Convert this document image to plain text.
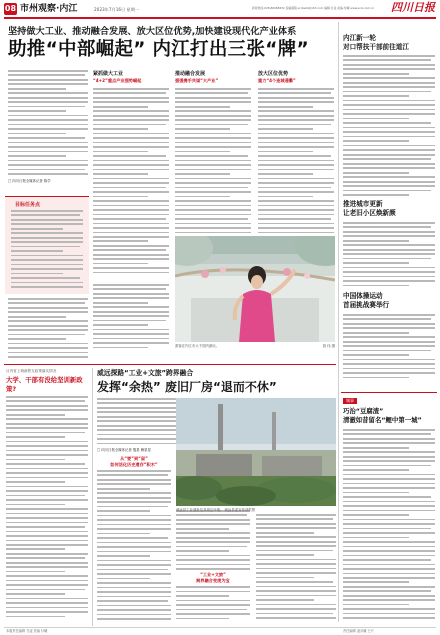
08 市州观察·内江	2023年7月16日 星期一	新闻热线:028-86968432 投稿邮箱:scrbszb@163.com 编辑:甘凌 美编:付曦 www.scol.com.cn	四川日报
坚持做大工业、推动融合发展、放大区位优势,加快建设现代化产业体系
助推“中部崛起” 内江打出三张“牌”
□ 四川日报全媒体记者 陈学
目标任务点
紧抓做大工业
“4+2”重点产业强势崛起
推动融合发展
强强携手共谋“大产业”
放大区位优势
重力“4个连城通衢”
游客在内江市大千园内游玩。	游 伟 摄
内江新一轮
对口帮扶干部前往道江
推进城市更新
让老旧小区焕新颜
中国体操运动
首届挑战赛举行
城事
巧治“豆腐渣”
清澈如昔留名“鲤中第一城”
目内省上调新教支政策落实情况
大学、干部有没给坚训新政策?
威远探路“工业+文旅”跨界融合
发挥“余热” 废旧厂房“退而不休”
□ 四川日报全媒体记者 殷星 赖星星
从“要”到“留”
如何活化历史遗存“积木”
“工业+文旅”
跨界融合变废为宝
威远县工业遗址及其周边环境。 威远县委宣传部供图
本版责任编辑 甘凌 美编 付曦	责任编辑 凌亦澜 王兴
